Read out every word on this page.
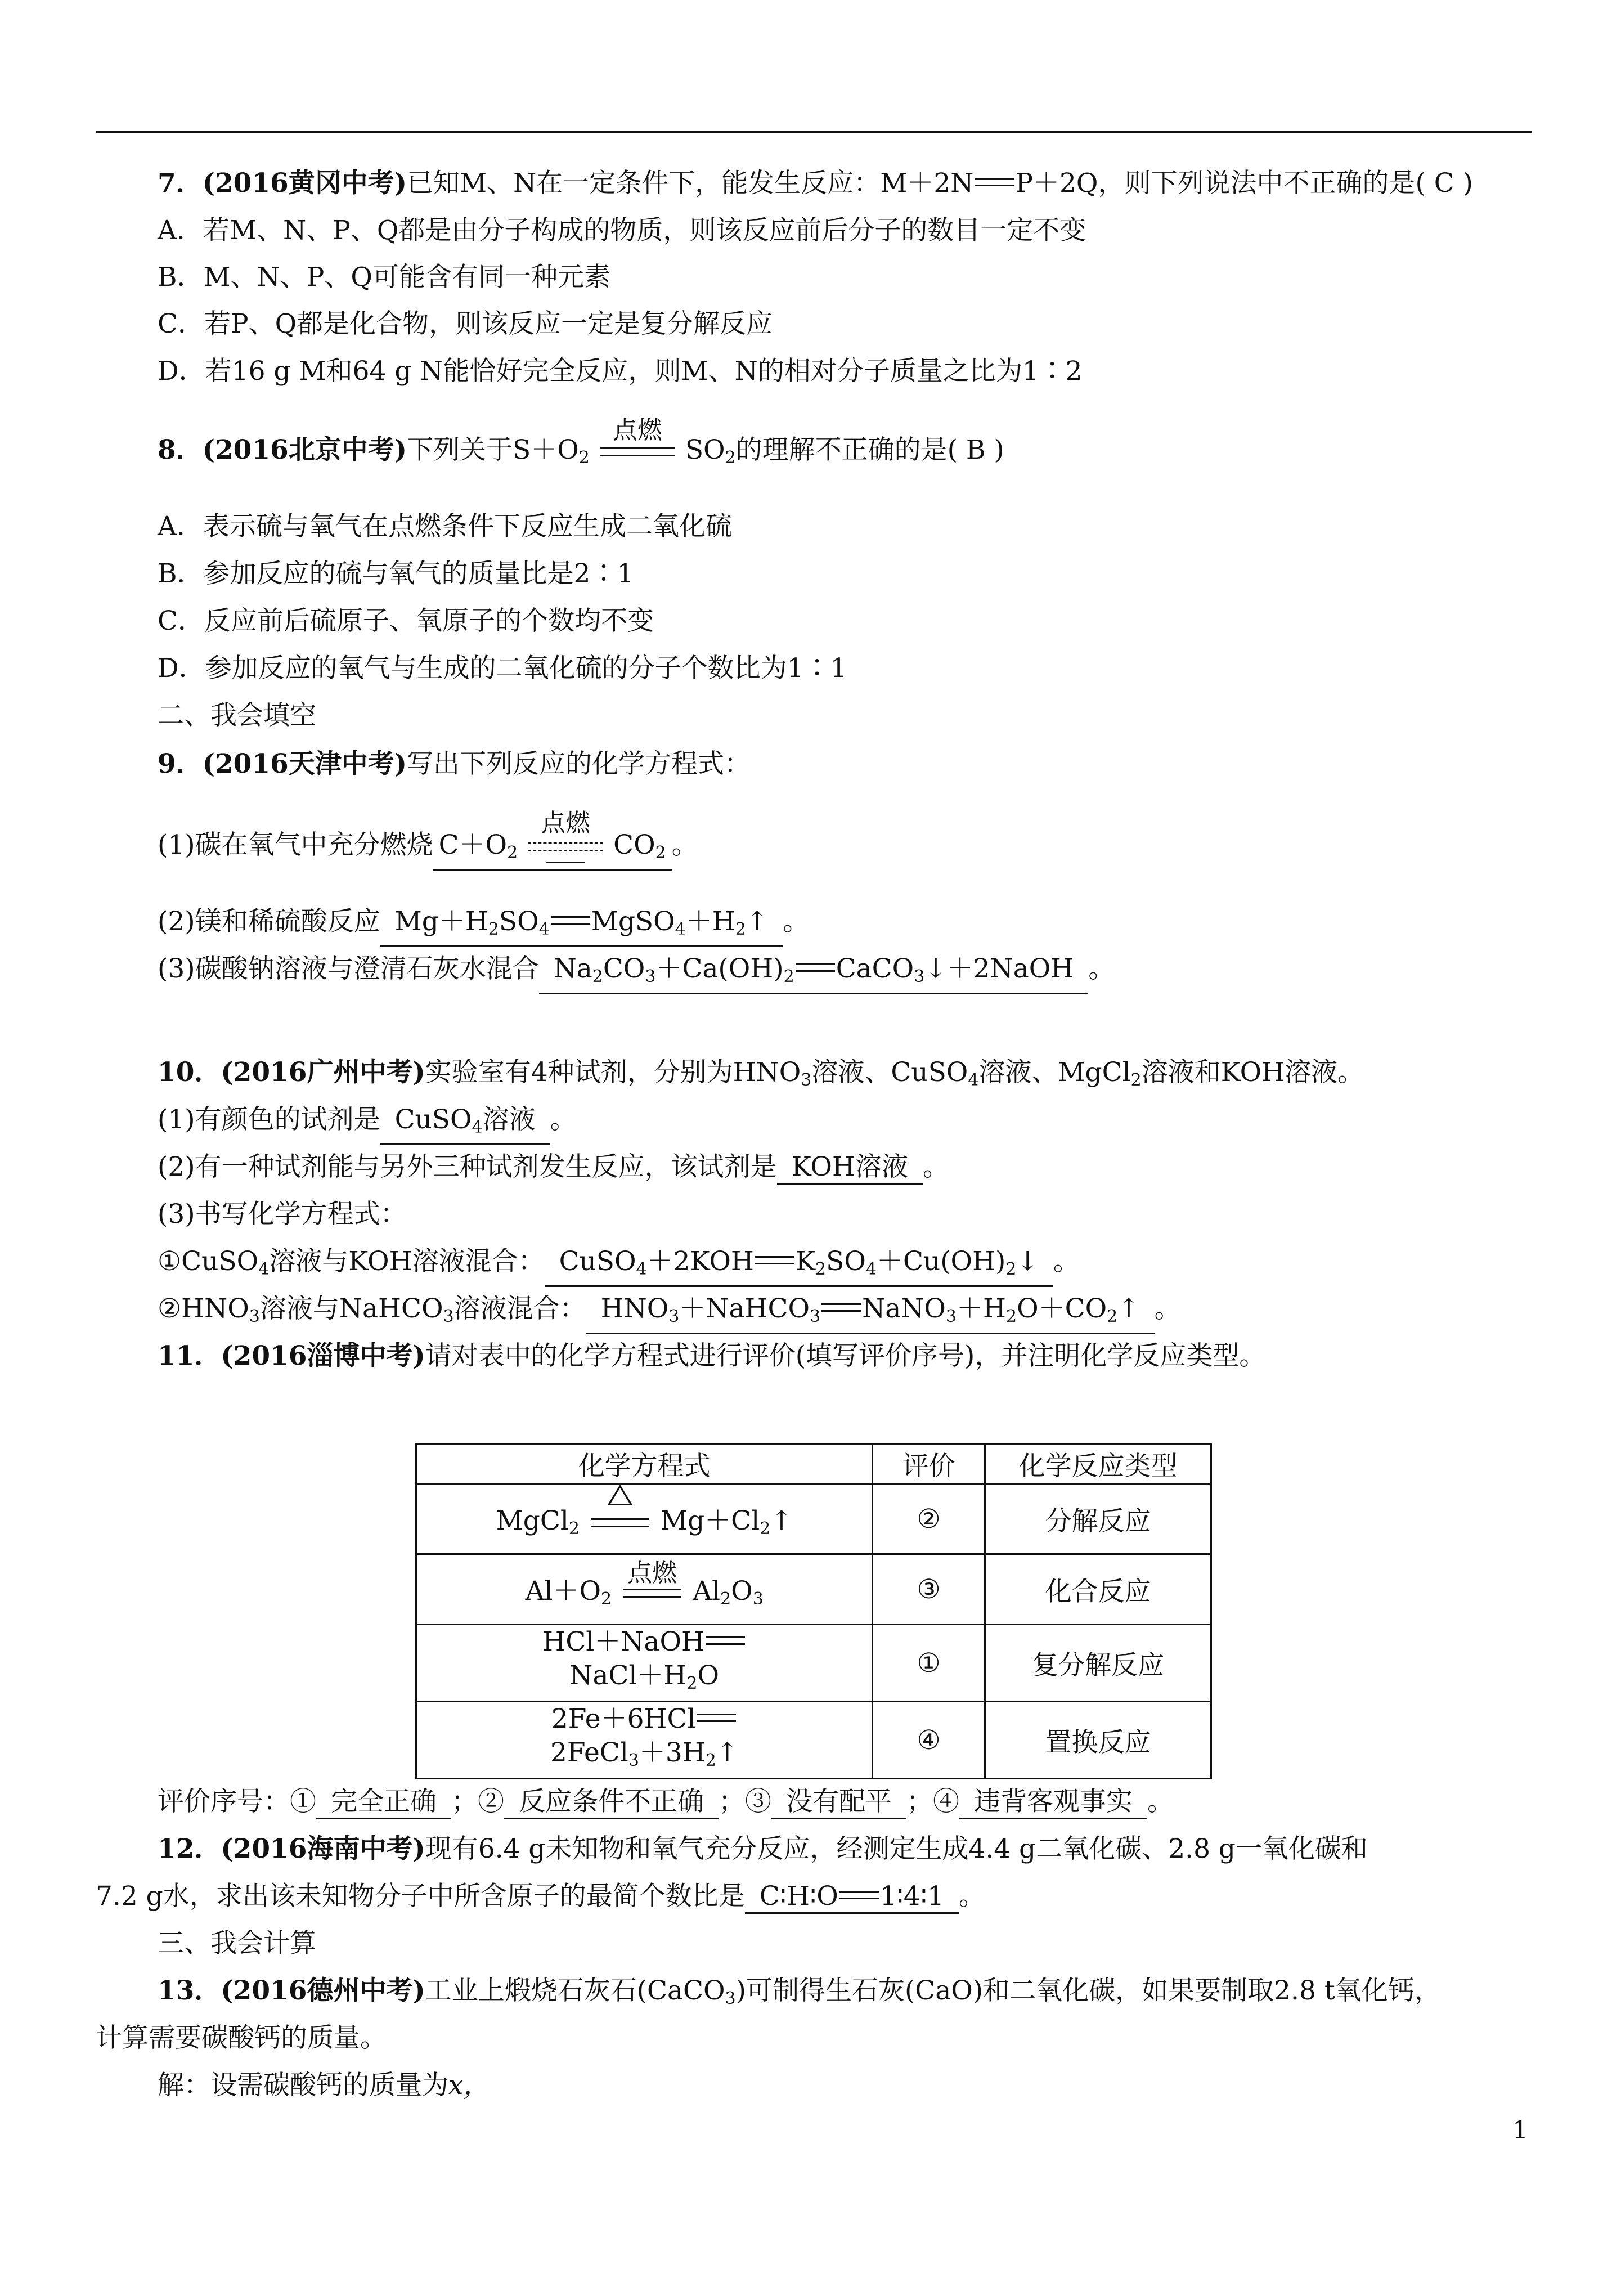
7．(2016黄冈中考)已知M、N在一定条件下，能发生反应：M＋2N P＋2Q，则下列说法中不正确的是( C )
A．若M、N、P、Q都是由分子构成的物质，则该反应前后分子的数目一定不变
B．M、N、P、Q可能含有同一种元素
C．若P、Q都是化合物，则该反应一定是复分解反应
D．若16 g M和64 g N能恰好完全反应，则M、N的相对分子质量之比为1∶2
8．(2016北京中考)下列关于$S+O_2$
点燃
$SO_2$的理解不正确的是( B )
A．表示硫与氧气在点燃条件下反应生成二氧化硫
B．参加反应的硫与氧气的质量比是2∶1
C．反应前后硫原子、氧原子的个数均不变
D．参加反应的氧气与生成的二氧化硫的分子个数比为1∶1
二、我会填空
9．(2016天津中考)写出下列反应的化学方程式：
(1)碳在氧气中充分燃烧 $C+O_2$
点燃
$CO_2$ 。
(2)镁和稀硫酸反应 $Mg+H_2SO_4$ $MgSO_4+H_2↑$ 。
(3)碳酸钠溶液与澄清石灰水混合 $Na_2CO_3+Ca(OH)_2$ CaCO$_3$↓＋2NaOH 。
10．(2016广州中考)实验室有4种试剂，分别为$HNO_3$溶液、CuSO$_4$溶液、MgCl$_2$溶液和KOH溶液。
(1)有颜色的试剂是 CuSO$_4$溶液 。
(2)有一种试剂能与另外三种试剂发生反应，该试剂是 KOH溶液 。
(3)书写化学方程式：
①CuSO$_4$溶液与KOH溶液混合： CuSO$_4$＋2KOH $K_2SO_4+Cu(OH)_2↓$ 。
$②HNO_3$溶液与NaHCO$_3$溶液混合： $HNO_3+NaHCO_3$ $NaNO_3+H_2O+CO_2↑$ 。
11．(2016淄博中考)请对表中的化学方程式进行评价(填写评价序号)，并注明化学反应类型。
化学方程式	评价	化学反应类型
MgCl$_2$ $Mg+Cl_2↑$	②	分解反应
$Al+O_2$
点燃
$Al_2O_3$	③	化合反应
HCl＋NaOH
$NaCl+H_2O$	①	复分解反应
2Fe＋6HCl
$2FeCl_3+3H_2↑$	④	置换反应
评价序号：① 完全正确 ；② 反应条件不正确 ；③ 没有配平 ；④ 违背客观事实 。
12．(2016海南中考)现有6.4 g未知物和氧气充分反应，经测定生成4.4 g二氧化碳、2.8 g一氧化碳和
7.2 g水，求出该未知物分子中所含原子的最简个数比是 C∶H∶O 1∶4∶1 。
三、我会计算
13．(2016德州中考)工业上煅烧石灰石(CaCO$_3$)可制得生石灰(CaO)和二氧化碳，如果要制取2.8 t氧化钙，
计算需要碳酸钙的质量。
解：设需碳酸钙的质量为x，
1
